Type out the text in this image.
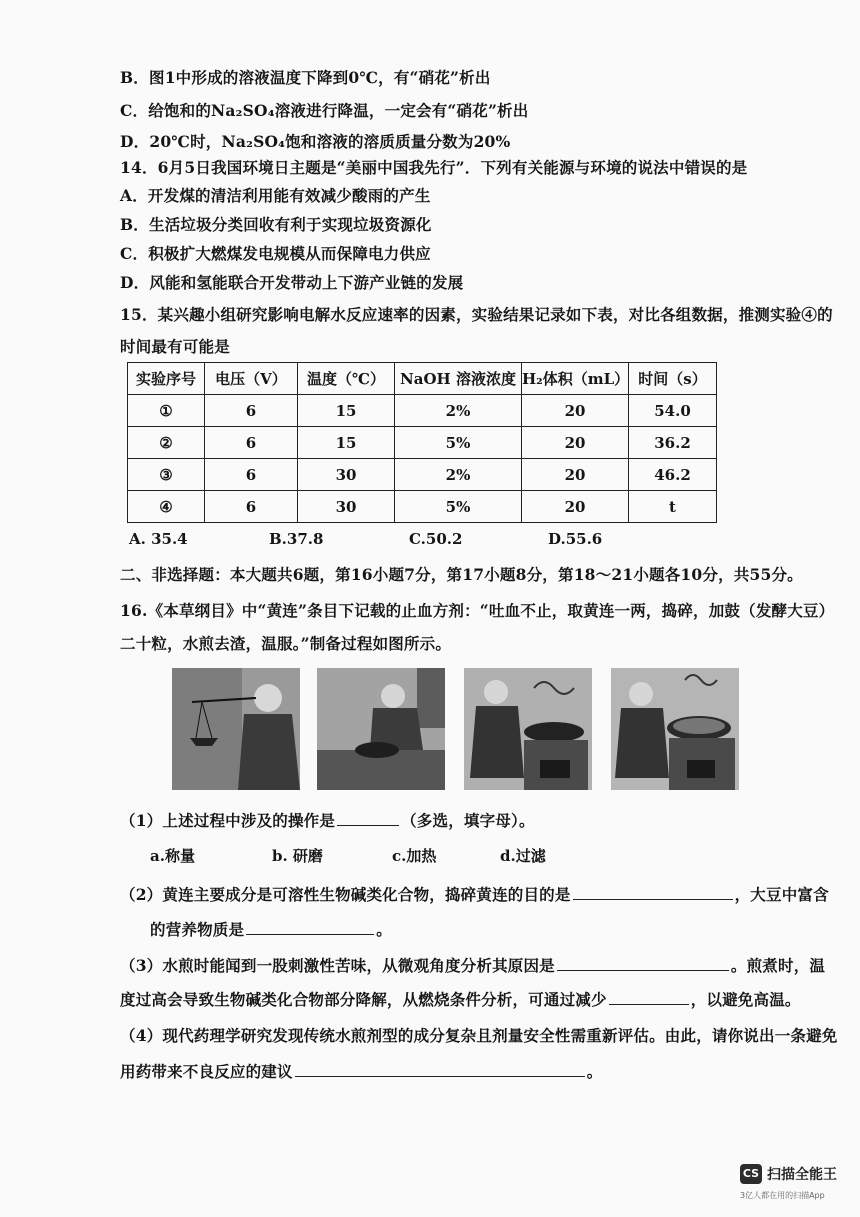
B．图1中形成的溶液温度下降到0℃，有“硝花”析出
C．给饱和的Na₂SO₄溶液进行降温，一定会有“硝花”析出
D．20℃时，Na₂SO₄饱和溶液的溶质质量分数为20%
14．6月5日我国环境日主题是“美丽中国我先行”．下列有关能源与环境的说法中错误的是
A．开发煤的清洁利用能有效减少酸雨的产生
B．生活垃圾分类回收有利于实现垃圾资源化
C．积极扩大燃煤发电规模从而保障电力供应
D．风能和氢能联合开发带动上下游产业链的发展
15．某兴趣小组研究影响电解水反应速率的因素，实验结果记录如下表，对比各组数据，推测实验④的
时间最有可能是
实验序号	电压（V）	温度（℃）	NaOH 溶液浓度	H₂体积（mL）	时间（s）
①	6	15	2%	20	54.0
②	6	15	5%	20	36.2
③	6	30	2%	20	46.2
④	6	30	5%	20	t
A. 35.4	B.37.8	C.50.2	D.55.6
二、非选择题：本大题共6题，第16小题7分，第17小题8分，第18～21小题各10分，共55分。
16.《本草纲目》中“黄连”条目下记载的止血方剂：“吐血不止，取黄连一两，捣碎，加鼓（发酵大豆）
二十粒，水煎去渣，温服。”制备过程如图所示。
（1）上述过程中涉及的操作是	（多选，填字母）。
a.称量	b. 研磨	c.加热	d.过滤
（2）黄连主要成分是可溶性生物碱类化合物，捣碎黄连的目的是	，大豆中富含
的营养物质是	。
（3）水煎时能闻到一股刺激性苦味，从微观角度分析其原因是	。煎煮时，温
度过高会导致生物碱类化合物部分降解，从燃烧条件分析，可通过减少	，以避免高温。
（4）现代药理学研究发现传统水煎剂型的成分复杂且剂量安全性需重新评估。由此，请你说出一条避免
用药带来不良反应的建议	。
CS 扫描全能王
3亿人都在用的扫描App
